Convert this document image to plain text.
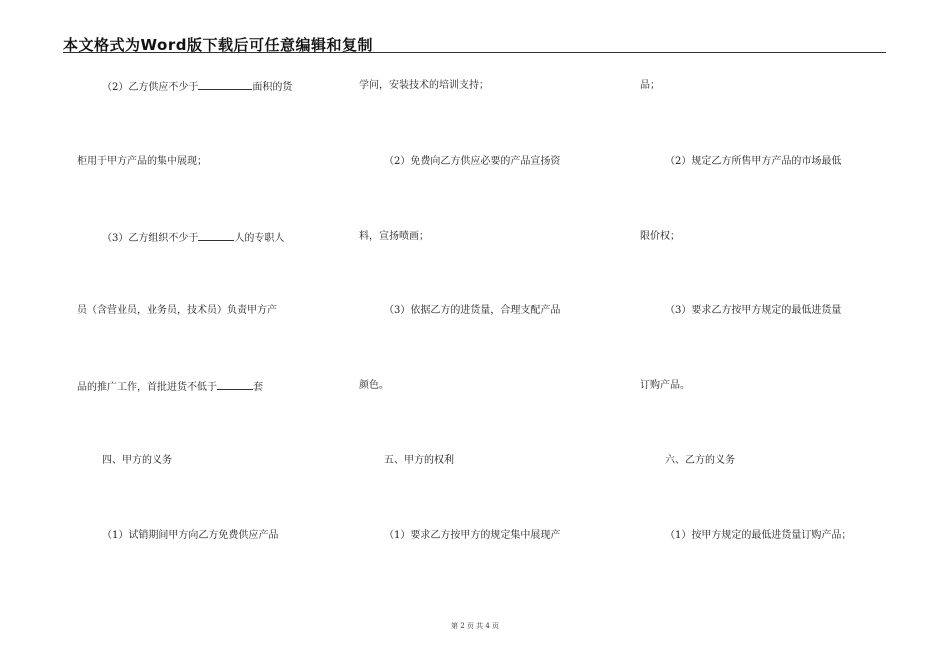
本文格式为Word版下载后可任意编辑和复制
（2）乙方供应不少于	面积的货
柜用于甲方产品的集中展现；
（3）乙方组织不少于	人的专职人
员（含营业员，业务员，技术员）负责甲方产
品的推广工作，首批进货不低于	套
四、甲方的义务
（1）试销期间甲方向乙方免费供应产品
学问，安装技术的培训支持；
（2）免费向乙方供应必要的产品宣扬资
料，宣扬喷画；
（3）依据乙方的进货量，合理支配产品
颜色。
五、甲方的权利
（1）要求乙方按甲方的规定集中展现产
品；
（2）规定乙方所售甲方产品的市场最低
限价权；
（3）要求乙方按甲方规定的最低进货量
订购产品。
六、乙方的义务
（1）按甲方规定的最低进货量订购产品；
第 2 页 共 4 页
